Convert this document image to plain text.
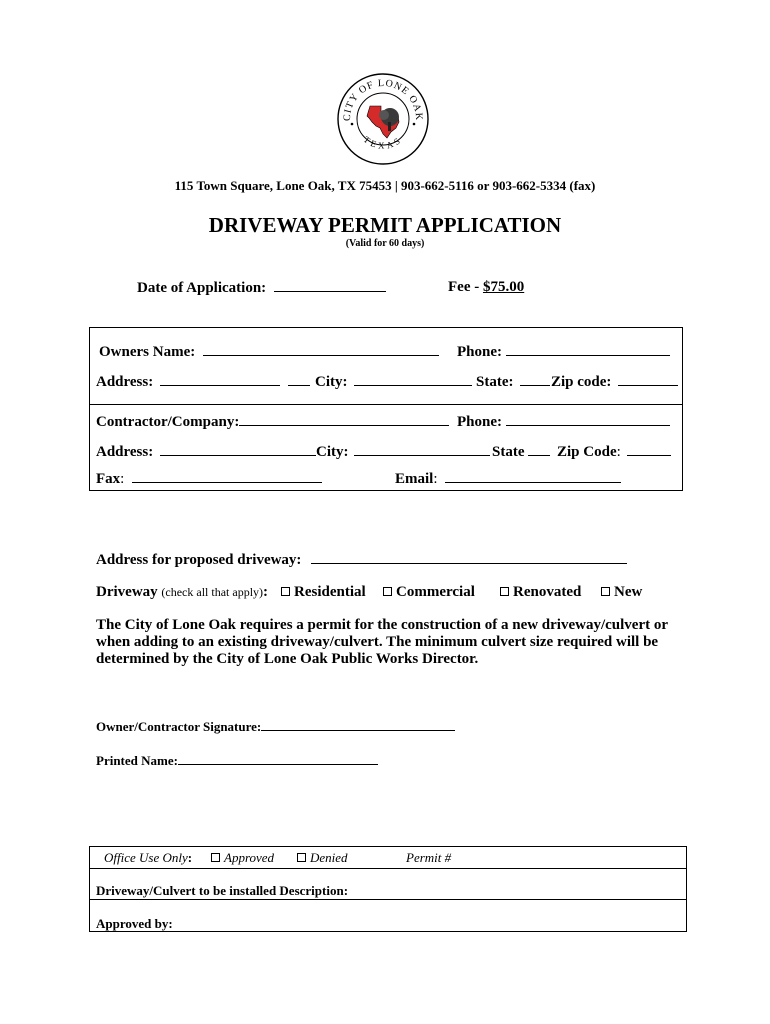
CITY OF LONE OAK
TEXAS
115 Town Square, Lone Oak, TX 75453 | 903-662-5116 or 903-662-5334 (fax)
DRIVEWAY PERMIT APPLICATION
(Valid for 60 days)
Date of Application:	Fee - $75.00
Owners Name:	Phone:
Address:	City:	State:	Zip code:
Contractor/Company:	Phone:
Address:	City:	State Zip Code:
Fax:	Email:
Address for proposed driveway:
Driveway (check all that apply):	Residential	Commercial	Renovated	New
The City of Lone Oak requires a permit for the construction of a new driveway/culvert or when adding to an existing driveway/culvert. The minimum culvert size required will be determined by the City of Lone Oak Public Works Director.
Owner/Contractor Signature:
Printed Name:
Office Use Only:	Approved	Denied	Permit #
Driveway/Culvert to be installed Description:
Approved by:
